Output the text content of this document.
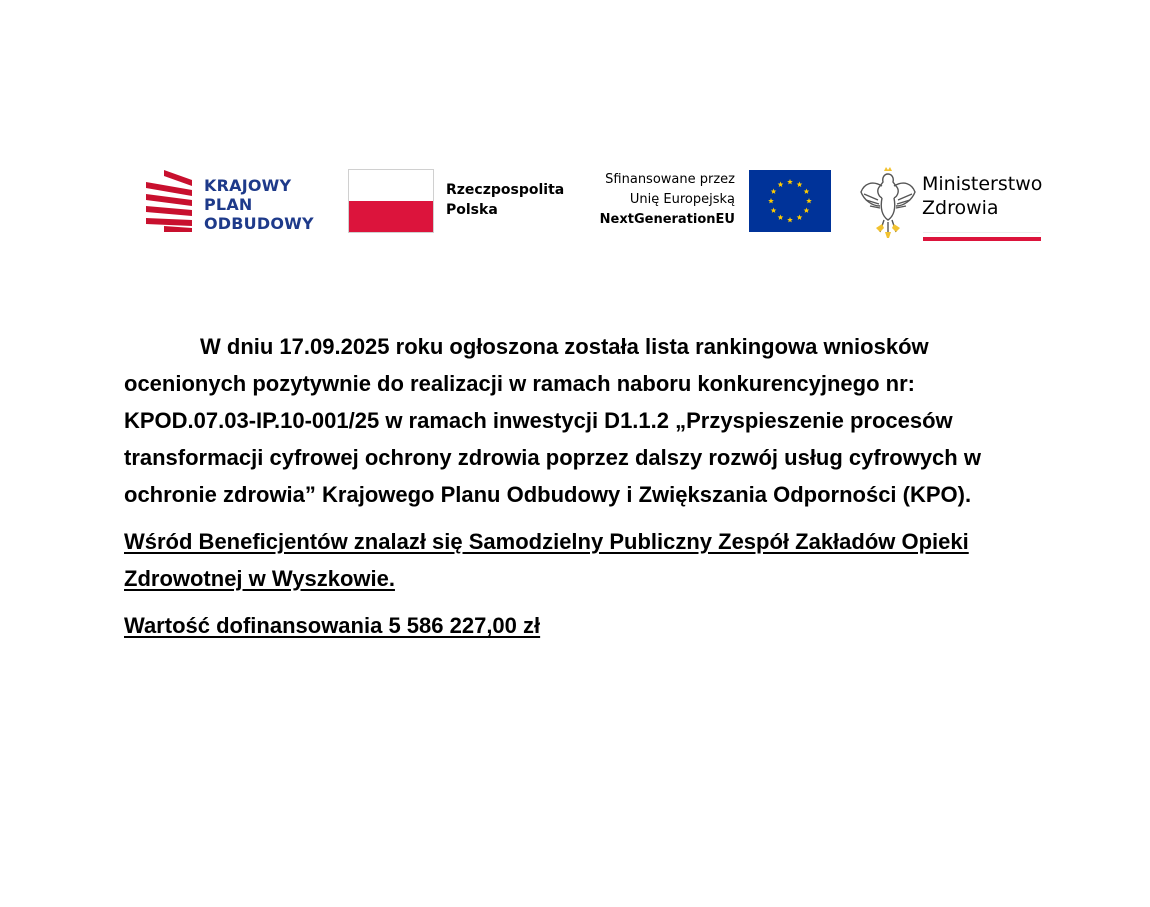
KRAJOWY
PLAN
ODBUDOWY
Rzeczpospolita
Polska
Sfinansowane przez
Unię Europejską
NextGenerationEU
Ministerstwo
Zdrowia

W dniu 17.09.2025 roku ogłoszona została lista rankingowa wniosków ocenionych pozytywnie do realizacji w ramach naboru konkurencyjnego nr: KPOD.07.03-IP.10-001/25 w ramach inwestycji D1.1.2 „Przyspieszenie procesów transformacji cyfrowej ochrony zdrowia poprzez dalszy rozwój usług cyfrowych w ochronie zdrowia” Krajowego Planu Odbudowy i Zwiększania Odporności (KPO).

Wśród Beneficjentów znalazł się Samodzielny Publiczny Zespół Zakładów Opieki Zdrowotnej w Wyszkowie.

Wartość dofinansowania 5 586 227,00 zł
